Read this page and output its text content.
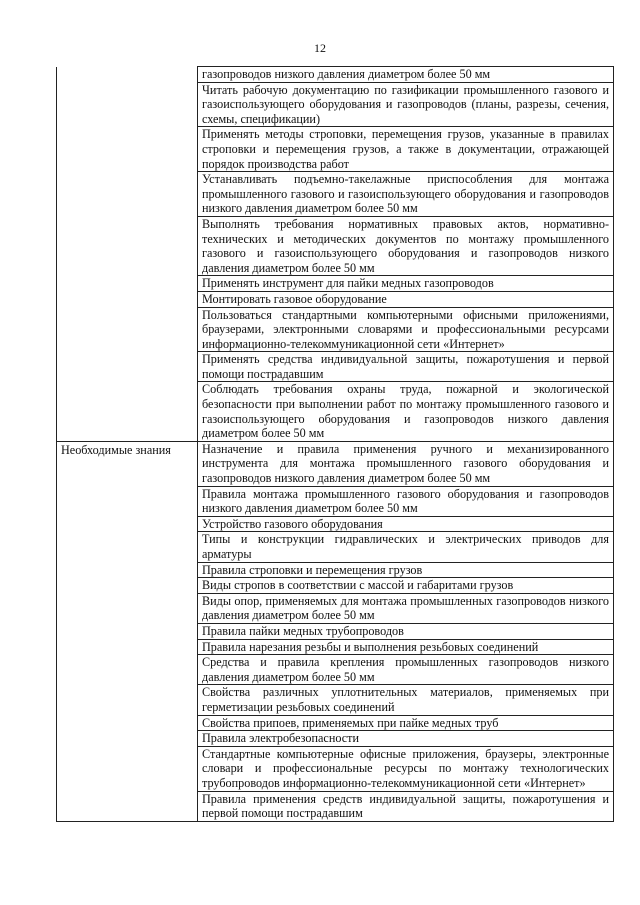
12

	газопроводов низкого давления диаметром более 50 мм

	Читать рабочую документацию по газификации промышленного газового и газоиспользующего оборудования и газопроводов (планы, разрезы, сечения, схемы, спецификации)

	Применять методы строповки, перемещения грузов, указанные в правилах строповки и перемещения грузов, а также в документации, отражающей порядок производства работ

	Устанавливать подъемно-такелажные приспособления для монтажа промышленного газового и газоиспользующего оборудования и газопроводов низкого давления диаметром более 50 мм

	Выполнять требования нормативных правовых актов, нормативно-технических и методических документов по монтажу промышленного газового и газоиспользующего оборудования и газопроводов низкого давления диаметром более 50 мм

	Применять инструмент для пайки медных газопроводов

	Монтировать газовое оборудование

	Пользоваться стандартными компьютерными офисными приложениями, браузерами, электронными словарями и профессиональными ресурсами информационно-телекоммуникационной сети «Интернет»

	Применять средства индивидуальной защиты, пожаротушения и первой помощи пострадавшим

	Соблюдать требования охраны труда, пожарной и экологической безопасности при выполнении работ по монтажу промышленного газового и газоиспользующего оборудования и газопроводов низкого давления диаметром более 50 мм

Необходимые знания	Назначение и правила применения ручного и механизированного инструмента для монтажа промышленного газового оборудования и газопроводов низкого давления диаметром более 50 мм

	Правила монтажа промышленного газового оборудования и газопроводов низкого давления диаметром более 50 мм

	Устройство газового оборудования

	Типы и конструкции гидравлических и электрических приводов для арматуры

	Правила строповки и перемещения грузов

	Виды стропов в соответствии с массой и габаритами грузов

	Виды опор, применяемых для монтажа промышленных газопроводов низкого давления диаметром более 50 мм

	Правила пайки медных трубопроводов

	Правила нарезания резьбы и выполнения резьбовых соединений

	Средства и правила крепления промышленных газопроводов низкого давления диаметром более 50 мм

	Свойства различных уплотнительных материалов, применяемых при герметизации резьбовых соединений

	Свойства припоев, применяемых при пайке медных труб

	Правила электробезопасности

	Стандартные компьютерные офисные приложения, браузеры, электронные словари и профессиональные ресурсы по монтажу технологических трубопроводов информационно-телекоммуникационной сети «Интернет»

	Правила применения средств индивидуальной защиты, пожаротушения и первой помощи пострадавшим
